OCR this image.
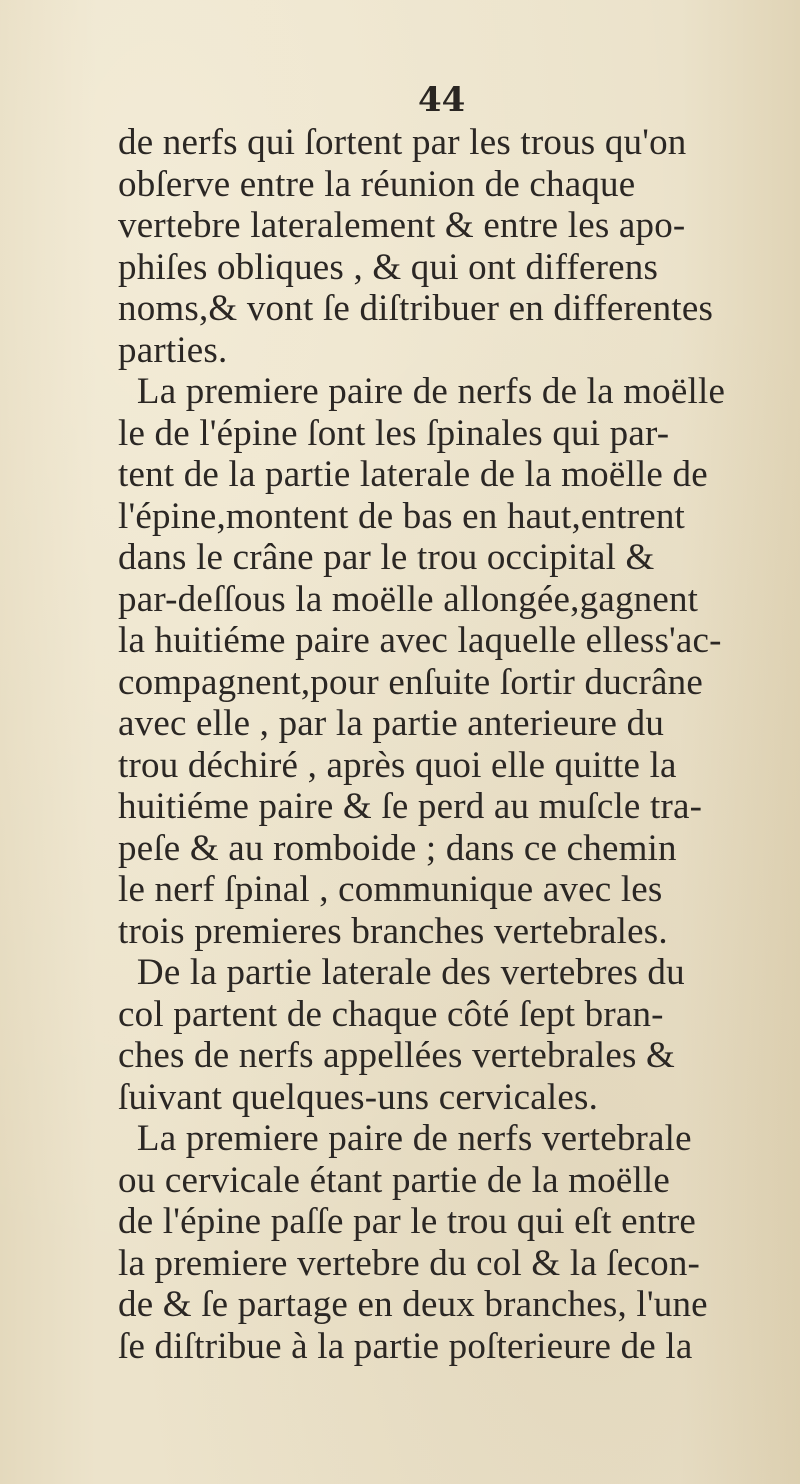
44
de nerfs qui ſortent par les trous qu'on
obſerve entre la réunion de chaque
vertebre lateralement & entre les apo-
phiſes obliques , & qui ont differens
noms,& vont ſe diſtribuer en differentes
parties.
La premiere paire de nerfs de la moëlle
le de l'épine ſont les ſpinales qui par-
tent de la partie laterale de la moëlle de
l'épine,montent de bas en haut,entrent
dans le crâne par le trou occipital &
par-deſſous la moëlle allongée,gagnent
la huitiéme paire avec laquelle elless'ac-
compagnent,pour enſuite ſortir ducrâne
avec elle , par la partie anterieure du
trou déchiré , après quoi elle quitte la
huitiéme paire & ſe perd au muſcle tra-
peſe & au romboide ; dans ce chemin
le nerf ſpinal , communique avec les
trois premieres branches vertebrales.
De la partie laterale des vertebres du
col partent de chaque côté ſept bran-
ches de nerfs appellées vertebrales &
ſuivant quelques-uns cervicales.
La premiere paire de nerfs vertebrale
ou cervicale étant partie de la moëlle
de l'épine paſſe par le trou qui eſt entre
la premiere vertebre du col & la ſecon-
de & ſe partage en deux branches, l'une
ſe diſtribue à la partie poſterieure de la
